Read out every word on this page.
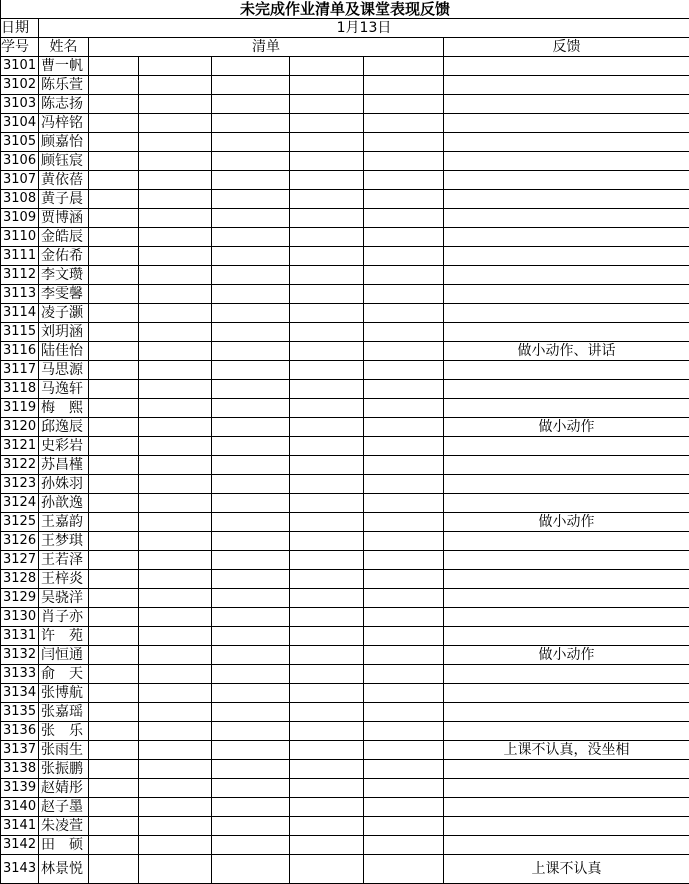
未完成作业清单及课堂表现反馈							
日期	1月13日						
学号	姓名	清单					反馈
3101	曹一帆						
3102	陈乐萱						
3103	陈志扬						
3104	冯梓铭						
3105	顾嘉怡						
3106	顾钰宸						
3107	黄依蓓						
3108	黄子晨						
3109	贾博涵						
3110	金皓辰						
3111	金佑希						
3112	李文瓒						
3113	李雯馨						
3114	凌子灏						
3115	刘玥涵						
3116	陆佳怡						做小动作、讲话
3117	马思源						
3118	马逸轩						
3119	梅　熙						
3120	邱逸辰						做小动作
3121	史彩岩						
3122	苏昌槿						
3123	孙姝羽						
3124	孙歆逸						
3125	王嘉韵						做小动作
3126	王梦琪						
3127	王若泽						
3128	王梓炎						
3129	吴骁洋						
3130	肖子亦						
3131	许　苑						
3132	闫恒通						做小动作
3133	俞　天						
3134	张博航						
3135	张嘉瑶						
3136	张　乐						
3137	张雨生						上课不认真，没坐相
3138	张振鹏						
3139	赵婧彤						
3140	赵子墨						
3141	朱凌萱						
3142	田　硕						
3143	林景悦						上课不认真
